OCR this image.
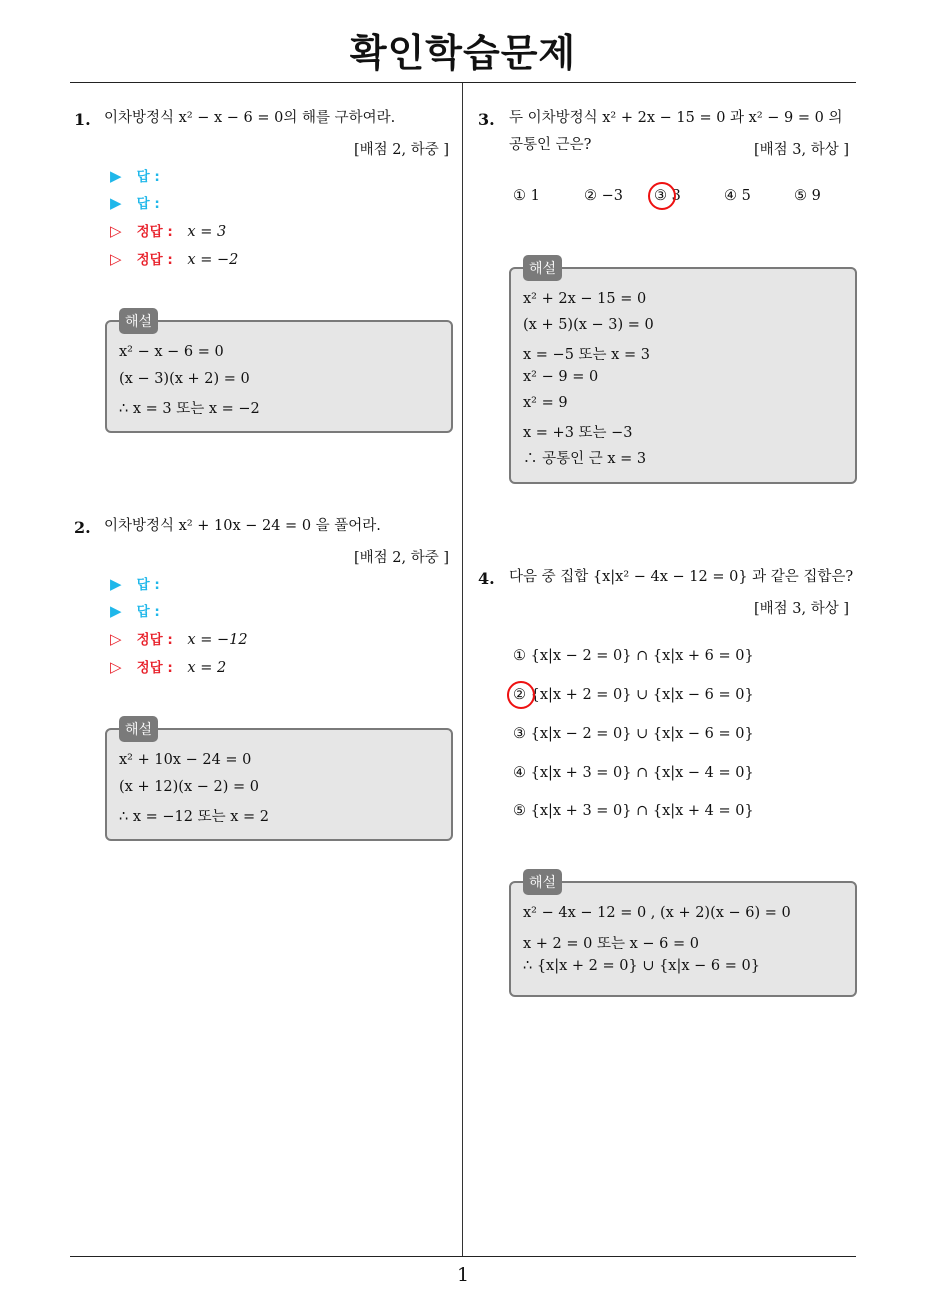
확인학습문제
1
1. 이차방정식 x² − x − 6 = 0의 해를 구하여라.
[배점 2, 하중 ]
▶ 답 :
▶ 답 :
▷ 정답 : x = 3
▷ 정답 : x = −2
해설
x² − x − 6 = 0
(x − 3)(x + 2) = 0
∴ x = 3 또는 x = −2
2. 이차방정식 x² + 10x − 24 = 0 을 풀어라.
[배점 2, 하중 ]
▶ 답 :
▶ 답 :
▷ 정답 : x = −12
▷ 정답 : x = 2
해설
x² + 10x − 24 = 0
(x + 12)(x − 2) = 0
∴ x = −12 또는 x = 2
3. 두 이차방정식 x² + 2x − 15 = 0 과 x² − 9 = 0 의
공통인 근은?	[배점 3, 하상 ]
① 1	② −3 ③ 3	④ 5	⑤ 9
해설
x² + 2x − 15 = 0
(x + 5)(x − 3) = 0
x = −5 또는 x = 3
x² − 9 = 0
x² = 9
x = +3 또는 −3
∴ 공통인 근 x = 3
4. 다음 중 집합 {x|x² − 4x − 12 = 0} 과 같은 집합은?
[배점 3, 하상 ]
① {x|x − 2 = 0} ∩ {x|x + 6 = 0}
② {x|x + 2 = 0} ∪ {x|x − 6 = 0}
③ {x|x − 2 = 0} ∪ {x|x − 6 = 0}
④ {x|x + 3 = 0} ∩ {x|x − 4 = 0}
⑤ {x|x + 3 = 0} ∩ {x|x + 4 = 0}
해설
x² − 4x − 12 = 0 , (x + 2)(x − 6) = 0
x + 2 = 0 또는 x − 6 = 0
∴ {x|x + 2 = 0} ∪ {x|x − 6 = 0}
